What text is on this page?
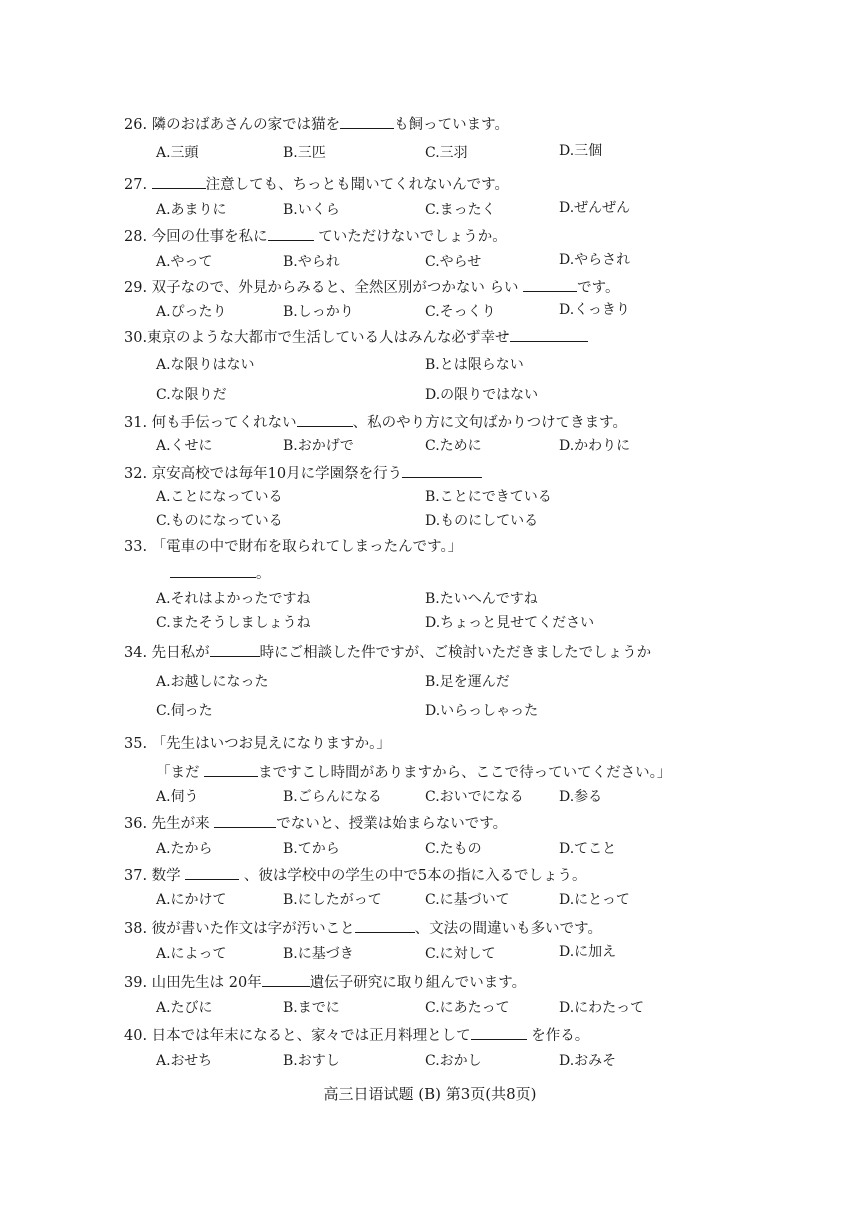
26. 隣のおばあさんの家では猫を	も飼っています。
A.三頭	B.三匹	C.三羽	D.三個
27.	注意しても、ちっとも聞いてくれないんです。
A.あまりに	B.いくら	C.まったく	D.ぜんぜん
28. 今回の仕事を私に	ていただけないでしょうか。
A.やって	B.やられ	C.やらせ	D.やらされ
29. 双子なので、外見からみると、全然区別がつかない らい	です。
A.ぴったり	B.しっかり	C.そっくり	D.くっきり
30.東京のような大都市で生活している人はみんな必ず幸せ
A.な限りはない	B.とは限らない
C.な限りだ	D.の限りではない
31. 何も手伝ってくれない	、私のやり方に文句ばかりつけてきます。
A.くせに	B.おかげで	C.ために	D.かわりに
32. 京安高校では毎年10月に学園祭を行う
A.ことになっている	B.ことにできている
C.ものになっている	D.ものにしている
33. 「電車の中で財布を取られてしまったんです。」
。
A.それはよかったですね	B.たいへんですね
C.またそうしましょうね	D.ちょっと見せてください
34. 先日私が	時にご相談した件ですが、ご検討いただきましたでしょうか
A.お越しになった	B.足を運んだ
C.伺った	D.いらっしゃった
35. 「先生はいつお見えになりますか。」
「まだ	まですこし時間がありますから、ここで待っていてください。」
A.伺う	B.ごらんになる	C.おいでになる	D.参る
36. 先生が来	でないと、授業は始まらないです。
A.たから	B.てから	C.たもの	D.てこと
37. 数学	、彼は学校中の学生の中で5本の指に入るでしょう。
A.にかけて	B.にしたがって	C.に基づいて	D.にとって
38. 彼が書いた作文は字が汚いこと	、文法の間違いも多いです。
A.によって	B.に基づき	C.に対して	D.に加え
39. 山田先生は 20年	遺伝子研究に取り組んでいます。
A.たびに	B.までに	C.にあたって	D.にわたって
40. 日本では年末になると、家々では正月料理として	を作る。
A.おせち	B.おすし	C.おかし	D.おみそ
高三日语试题 (B) 第3页(共8页)
